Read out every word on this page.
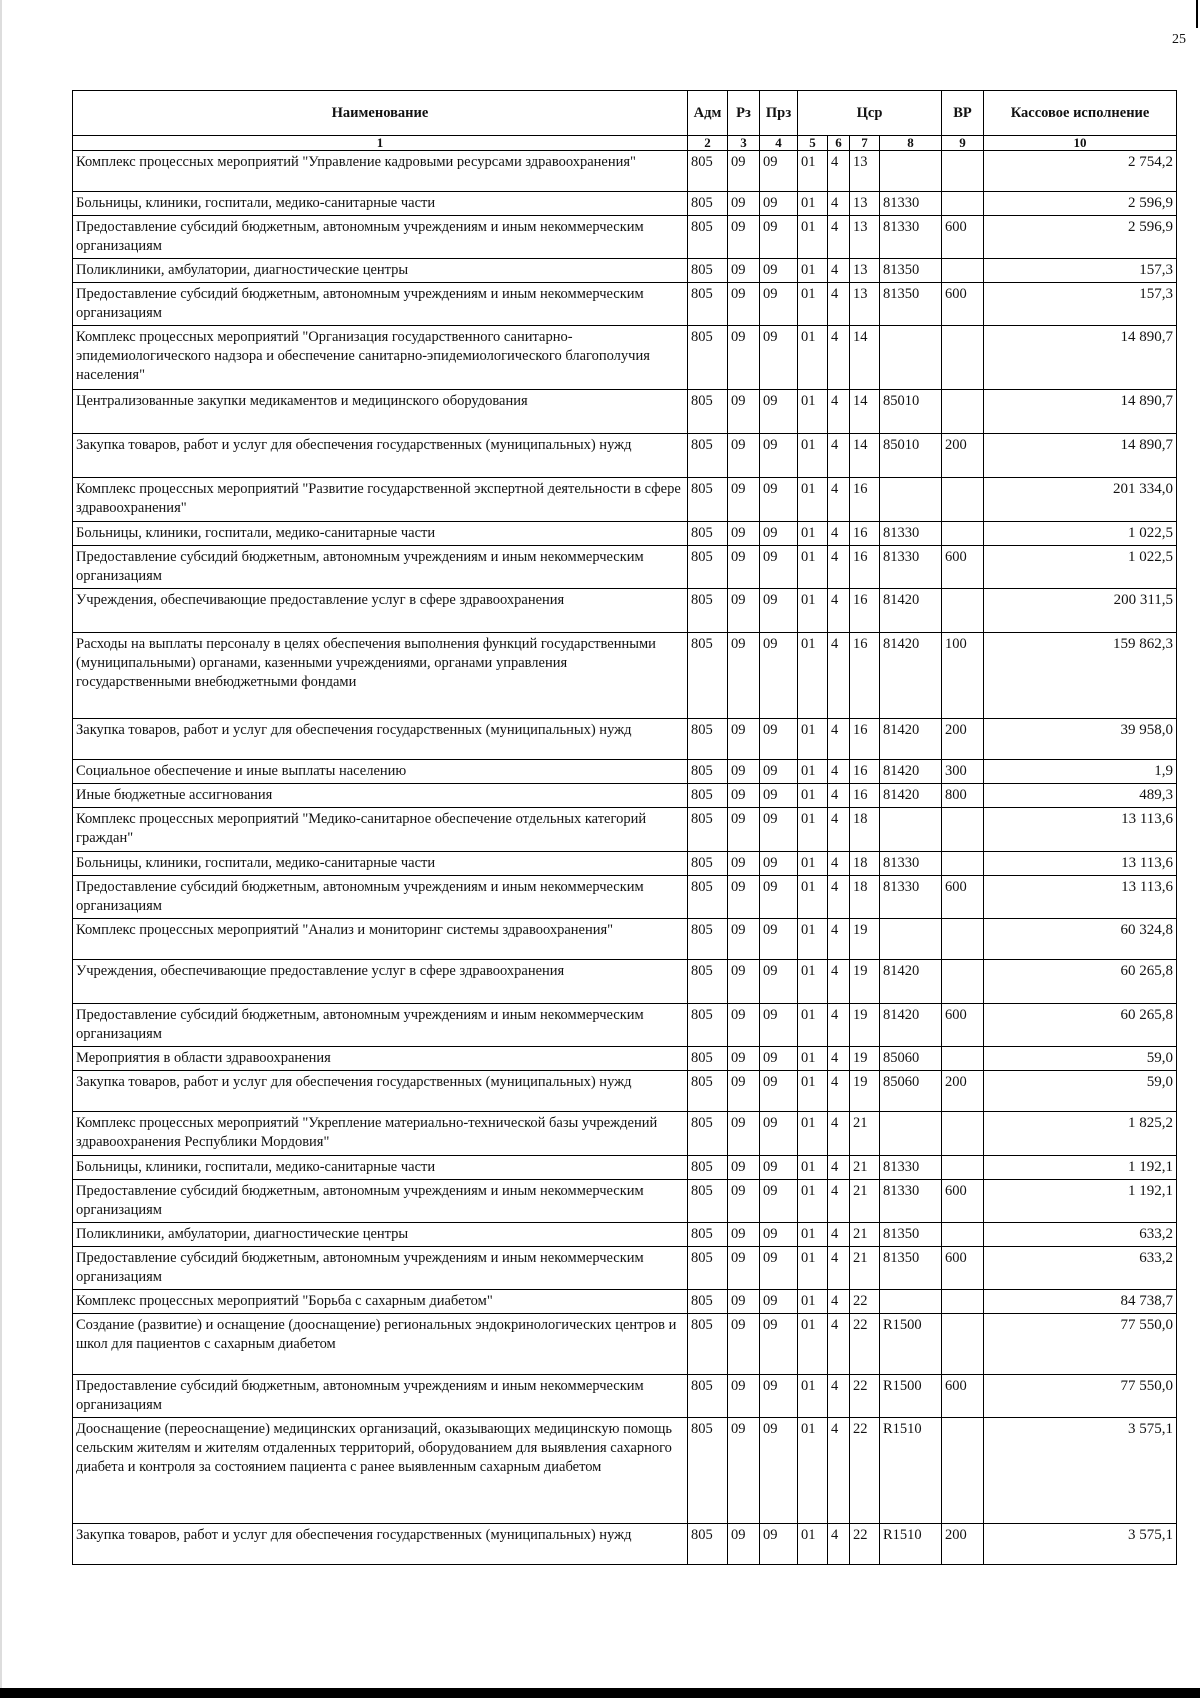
25
Наименование	Адм	Рз	Прз	Цср				ВР	Кассовое исполнение
1	2	3	4	5	6	7	8	9	10
Комплекс процессных мероприятий "Управление кадровыми ресурсами здравоохранения"	805	09	09	01	4	13			2 754,2
Больницы, клиники, госпитали, медико-санитарные части	805	09	09	01	4	13	81330		2 596,9
Предоставление субсидий бюджетным, автономным учреждениям и иным некоммерческим организациям	805	09	09	01	4	13	81330	600	2 596,9
Поликлиники, амбулатории, диагностические центры	805	09	09	01	4	13	81350		157,3
Предоставление субсидий бюджетным, автономным учреждениям и иным некоммерческим организациям	805	09	09	01	4	13	81350	600	157,3
Комплекс процессных мероприятий "Организация государственного санитарно-эпидемиологического надзора и обеспечение санитарно-эпидемиологического благополучия населения"	805	09	09	01	4	14			14 890,7
Централизованные закупки медикаментов и медицинского оборудования	805	09	09	01	4	14	85010		14 890,7
Закупка товаров, работ и услуг для обеспечения государственных (муниципальных) нужд	805	09	09	01	4	14	85010	200	14 890,7
Комплекс процессных мероприятий "Развитие государственной экспертной деятельности в сфере здравоохранения"	805	09	09	01	4	16			201 334,0
Больницы, клиники, госпитали, медико-санитарные части	805	09	09	01	4	16	81330		1 022,5
Предоставление субсидий бюджетным, автономным учреждениям и иным некоммерческим организациям	805	09	09	01	4	16	81330	600	1 022,5
Учреждения, обеспечивающие предоставление услуг в сфере здравоохранения	805	09	09	01	4	16	81420		200 311,5
Расходы на выплаты персоналу в целях обеспечения выполнения функций государственными (муниципальными) органами, казенными учреждениями, органами управления государственными внебюджетными фондами	805	09	09	01	4	16	81420	100	159 862,3
Закупка товаров, работ и услуг для обеспечения государственных (муниципальных) нужд	805	09	09	01	4	16	81420	200	39 958,0
Социальное обеспечение и иные выплаты населению	805	09	09	01	4	16	81420	300	1,9
Иные бюджетные ассигнования	805	09	09	01	4	16	81420	800	489,3
Комплекс процессных мероприятий "Медико-санитарное обеспечение отдельных категорий граждан"	805	09	09	01	4	18			13 113,6
Больницы, клиники, госпитали, медико-санитарные части	805	09	09	01	4	18	81330		13 113,6
Предоставление субсидий бюджетным, автономным учреждениям и иным некоммерческим организациям	805	09	09	01	4	18	81330	600	13 113,6
Комплекс процессных мероприятий "Анализ и мониторинг системы здравоохранения"	805	09	09	01	4	19			60 324,8
Учреждения, обеспечивающие предоставление услуг в сфере здравоохранения	805	09	09	01	4	19	81420		60 265,8
Предоставление субсидий бюджетным, автономным учреждениям и иным некоммерческим организациям	805	09	09	01	4	19	81420	600	60 265,8
Мероприятия в области здравоохранения	805	09	09	01	4	19	85060		59,0
Закупка товаров, работ и услуг для обеспечения государственных (муниципальных) нужд	805	09	09	01	4	19	85060	200	59,0
Комплекс процессных мероприятий "Укрепление материально-технической базы учреждений здравоохранения Республики Мордовия"	805	09	09	01	4	21			1 825,2
Больницы, клиники, госпитали, медико-санитарные части	805	09	09	01	4	21	81330		1 192,1
Предоставление субсидий бюджетным, автономным учреждениям и иным некоммерческим организациям	805	09	09	01	4	21	81330	600	1 192,1
Поликлиники, амбулатории, диагностические центры	805	09	09	01	4	21	81350		633,2
Предоставление субсидий бюджетным, автономным учреждениям и иным некоммерческим организациям	805	09	09	01	4	21	81350	600	633,2
Комплекс процессных мероприятий "Борьба с сахарным диабетом"	805	09	09	01	4	22			84 738,7
Создание (развитие) и оснащение (дооснащение) региональных эндокринологических центров и школ для пациентов с сахарным диабетом	805	09	09	01	4	22	R1500		77 550,0
Предоставление субсидий бюджетным, автономным учреждениям и иным некоммерческим организациям	805	09	09	01	4	22	R1500	600	77 550,0
Дооснащение (переоснащение) медицинских организаций, оказывающих медицинскую помощь сельским жителям и жителям отдаленных территорий, оборудованием для выявления сахарного диабета и контроля за состоянием пациента с ранее выявленным сахарным диабетом	805	09	09	01	4	22	R1510		3 575,1
Закупка товаров, работ и услуг для обеспечения государственных (муниципальных) нужд	805	09	09	01	4	22	R1510	200	3 575,1
